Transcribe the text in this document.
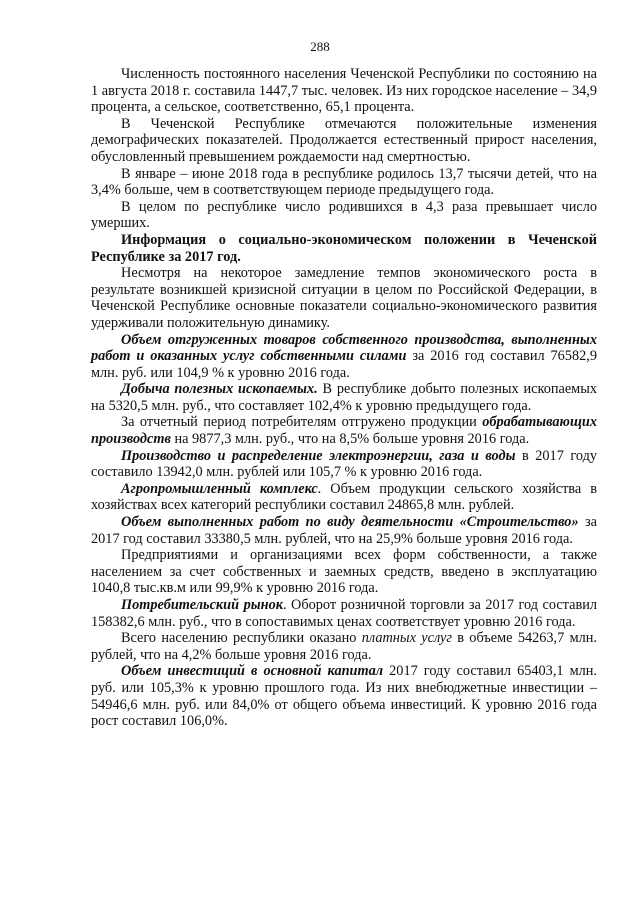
288

Численность постоянного населения Чеченской Республики по состоянию на 1 августа 2018 г. составила 1447,7 тыс. человек. Из них городское население – 34,9 процента, а сельское, соответственно, 65,1 процента.

В Чеченской Республике отмечаются положительные изменения демографических показателей. Продолжается естественный прирост населения, обусловленный превышением рождаемости над смертностью.

В январе – июне 2018 года в республике родилось 13,7 тысячи детей, что на 3,4% больше, чем в соответствующем периоде предыдущего года.

В целом по республике число родившихся в 4,3 раза превышает число умерших.

Информация о социально-экономическом положении в Чеченской Республике за 2017 год.

Несмотря на некоторое замедление темпов экономического роста в результате возникшей кризисной ситуации в целом по Российской Федерации, в Чеченской Республике основные показатели социально-экономического развития удерживали положительную динамику.

Объем отгруженных товаров собственного производства, выполненных работ и оказанных услуг собственными силами за 2016 год составил 76582,9 млн. руб. или 104,9 % к уровню 2016 года.

Добыча полезных ископаемых. В республике добыто полезных ископаемых на 5320,5 млн. руб., что составляет 102,4% к уровню предыдущего года.

За отчетный период потребителям отгружено продукции обрабатывающих производств на 9877,3 млн. руб., что на 8,5% больше уровня 2016 года.

Производство и распределение электроэнергии, газа и воды в 2017 году составило 13942,0 млн. рублей или 105,7 % к уровню 2016 года.

Агропромышленный комплекс. Объем продукции сельского хозяйства в хозяйствах всех категорий республики составил 24865,8 млн. рублей.

Объем выполненных работ по виду деятельности «Строительство» за 2017 год составил 33380,5 млн. рублей, что на 25,9% больше уровня 2016 года.

Предприятиями и организациями всех форм собственности, а также населением за счет собственных и заемных средств, введено в эксплуатацию 1040,8 тыс.кв.м или 99,9% к уровню 2016 года.

Потребительский рынок. Оборот розничной торговли за 2017 год составил 158382,6 млн. руб., что в сопоставимых ценах соответствует уровню 2016 года.

Всего населению республики оказано платных услуг в объеме 54263,7 млн. рублей, что на 4,2% больше уровня 2016 года.

Объем инвестиций в основной капитал 2017 году составил 65403,1 млн. руб. или 105,3% к уровню прошлого года. Из них внебюджетные инвестиции – 54946,6 млн. руб. или 84,0% от общего объема инвестиций. К уровню 2016 года рост составил 106,0%.
